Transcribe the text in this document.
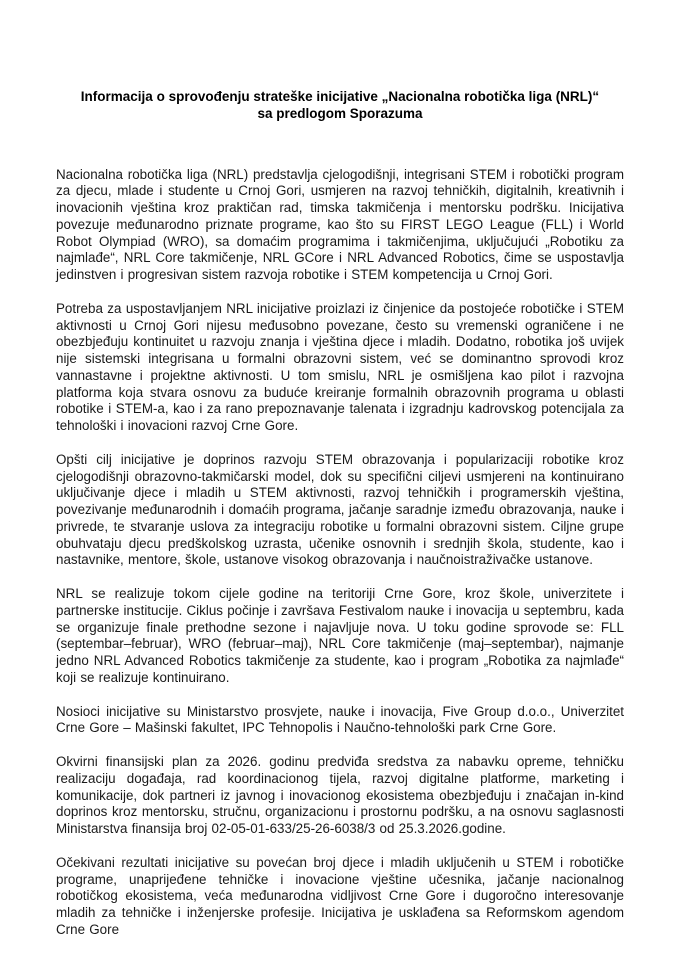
Informacija o sprovođenju strateške inicijative „Nacionalna robotička liga (NRL)“ sa predlogom Sporazuma

Nacionalna robotička liga (NRL) predstavlja cjelogodišnji, integrisani STEM i robotički program za djecu, mlade i studente u Crnoj Gori, usmjeren na razvoj tehničkih, digitalnih, kreativnih i inovacionih vještina kroz praktičan rad, timska takmičenja i mentorsku podršku. Inicijativa povezuje međunarodno priznate programe, kao što su FIRST LEGO League (FLL) i World Robot Olympiad (WRO), sa domaćim programima i takmičenjima, uključujući „Robotiku za najmlađe“, NRL Core takmičenje, NRL GCore i NRL Advanced Robotics, čime se uspostavlja jedinstven i progresivan sistem razvoja robotike i STEM kompetencija u Crnoj Gori.

Potreba za uspostavljanjem NRL inicijative proizlazi iz činjenice da postojeće robotičke i STEM aktivnosti u Crnoj Gori nijesu međusobno povezane, često su vremenski ograničene i ne obezbjeđuju kontinuitet u razvoju znanja i vještina djece i mladih. Dodatno, robotika još uvijek nije sistemski integrisana u formalni obrazovni sistem, već se dominantno sprovodi kroz vannastavne i projektne aktivnosti. U tom smislu, NRL je osmišljena kao pilot i razvojna platforma koja stvara osnovu za buduće kreiranje formalnih obrazovnih programa u oblasti robotike i STEM-a, kao i za rano prepoznavanje talenata i izgradnju kadrovskog potencijala za tehnološki i inovacioni razvoj Crne Gore.

Opšti cilj inicijative je doprinos razvoju STEM obrazovanja i popularizaciji robotike kroz cjelogodišnji obrazovno-takmičarski model, dok su specifični ciljevi usmjereni na kontinuirano uključivanje djece i mladih u STEM aktivnosti, razvoj tehničkih i programerskih vještina, povezivanje međunarodnih i domaćih programa, jačanje saradnje između obrazovanja, nauke i privrede, te stvaranje uslova za integraciju robotike u formalni obrazovni sistem. Ciljne grupe obuhvataju djecu predškolskog uzrasta, učenike osnovnih i srednjih škola, studente, kao i nastavnike, mentore, škole, ustanove visokog obrazovanja i naučnoistraživačke ustanove.

NRL se realizuje tokom cijele godine na teritoriji Crne Gore, kroz škole, univerzitete i partnerske institucije. Ciklus počinje i završava Festivalom nauke i inovacija u septembru, kada se organizuje finale prethodne sezone i najavljuje nova. U toku godine sprovode se: FLL (septembar–februar), WRO (februar–maj), NRL Core takmičenje (maj–septembar), najmanje jedno NRL Advanced Robotics takmičenje za studente, kao i program „Robotika za najmlađe“ koji se realizuje kontinuirano.

Nosioci inicijative su Ministarstvo prosvjete, nauke i inovacija, Five Group d.o.o., Univerzitet Crne Gore – Mašinski fakultet, IPC Tehnopolis i Naučno-tehnološki park Crne Gore.

Okvirni finansijski plan za 2026. godinu predviđa sredstva za nabavku opreme, tehničku realizaciju događaja, rad koordinacionog tijela, razvoj digitalne platforme, marketing i komunikacije, dok partneri iz javnog i inovacionog ekosistema obezbjeđuju i značajan in-kind doprinos kroz mentorsku, stručnu, organizacionu i prostornu podršku, a na osnovu saglasnosti Ministarstva finansija broj 02-05-01-633/25-26-6038/3 od 25.3.2026.godine.

Očekivani rezultati inicijative su povećan broj djece i mladih uključenih u STEM i robotičke programe, unaprijeđene tehničke i inovacione vještine učesnika, jačanje nacionalnog robotičkog ekosistema, veća međunarodna vidljivost Crne Gore i dugoročno interesovanje mladih za tehničke i inženjerske profesije. Inicijativa je usklađena sa Reformskom agendom Crne Gore
